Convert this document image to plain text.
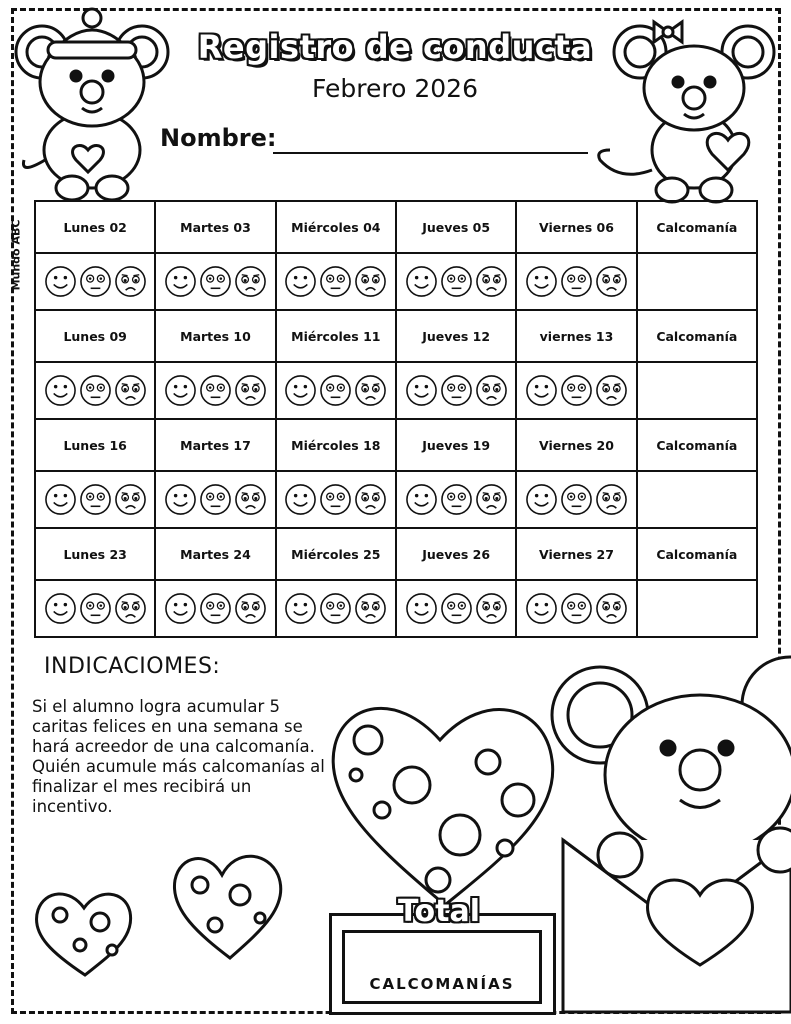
Mundo ABC
Registro de conducta
Febrero 2026
Nombre:
Lunes 02	Martes 03	Miércoles 04	Jueves 05	Viernes 06	Calcomanía

Lunes 09	Martes 10	Miércoles 11	Jueves 12	viernes 13	Calcomanía

Lunes 16	Martes 17	Miércoles 18	Jueves 19	Viernes 20	Calcomanía

Lunes 23	Martes 24	Miércoles 25	Jueves 26	Viernes 27	Calcomanía

INDICACIOMES:
Si el alumno logra acumular 5 caritas felices en una semana se hará acreedor de una calcomanía. Quién acumule más calcomanías al finalizar el mes recibirá un incentivo.
Total
CALCOMANÍAS
